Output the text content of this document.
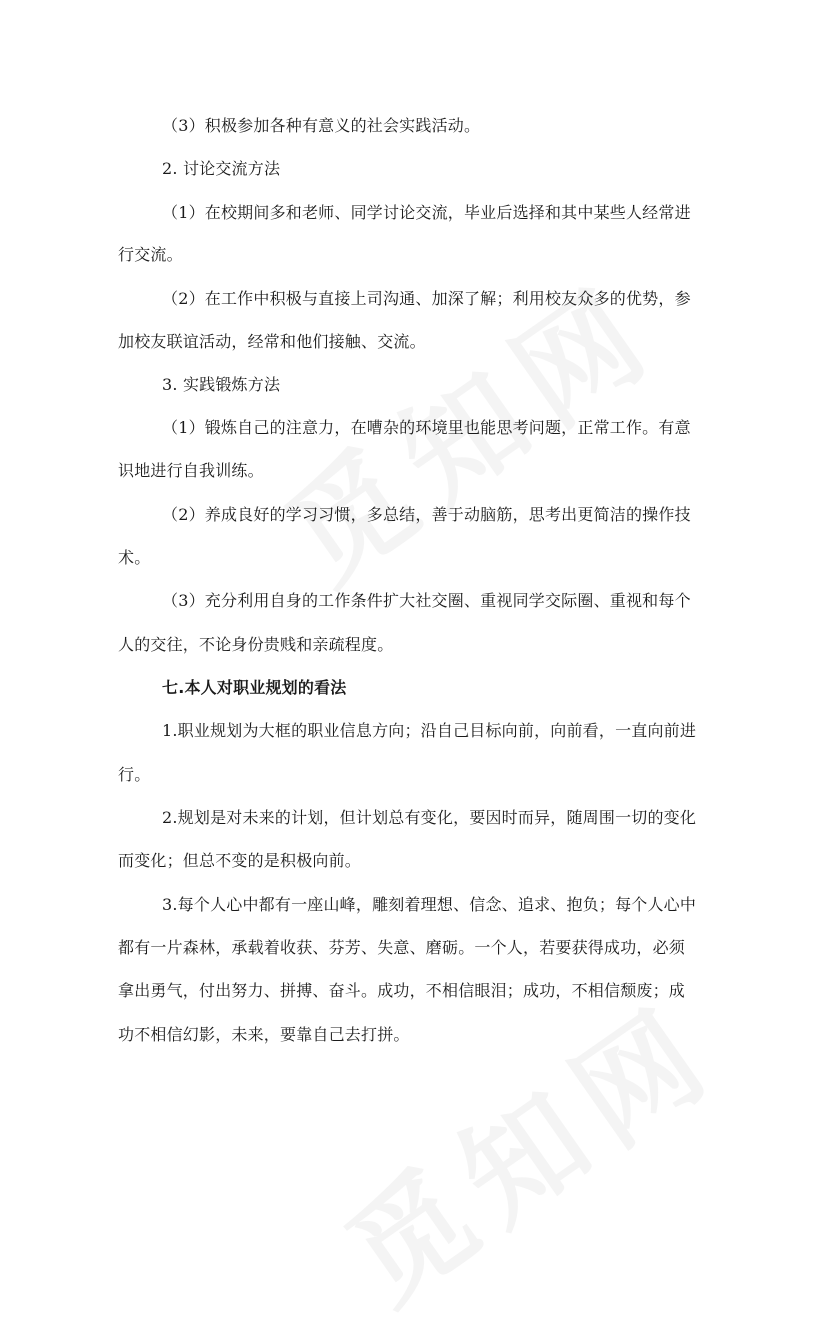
（3）积极参加各种有意义的社会实践活动。
2. 讨论交流方法
（1）在校期间多和老师、同学讨论交流，毕业后选择和其中某些人经常进
行交流。
（2）在工作中积极与直接上司沟通、加深了解；利用校友众多的优势，参
加校友联谊活动，经常和他们接触、交流。
3. 实践锻炼方法
（1）锻炼自己的注意力，在嘈杂的环境里也能思考问题，正常工作。有意
识地进行自我训练。
（2）养成良好的学习习惯，多总结，善于动脑筋，思考出更简洁的操作技
术。
（3）充分利用自身的工作条件扩大社交圈、重视同学交际圈、重视和每个
人的交往，不论身份贵贱和亲疏程度。
七.本人对职业规划的看法
1.职业规划为大框的职业信息方向；沿自己目标向前，向前看，一直向前进
行。
2.规划是对未来的计划，但计划总有变化，要因时而异，随周围一切的变化
而变化；但总不变的是积极向前。
3.每个人心中都有一座山峰，雕刻着理想、信念、追求、抱负；每个人心中
都有一片森林，承载着收获、芬芳、失意、磨砺。一个人，若要获得成功，必须
拿出勇气，付出努力、拼搏、奋斗。成功，不相信眼泪；成功，不相信颓废；成
功不相信幻影，未来，要靠自己去打拼。
